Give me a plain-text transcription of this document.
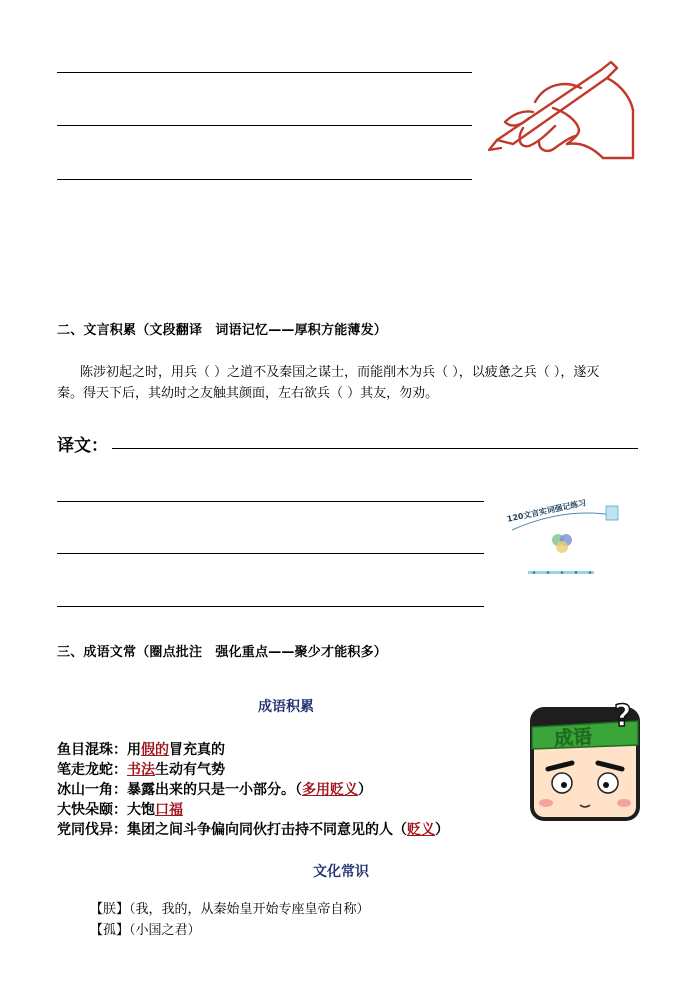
二、文言积累（文段翻译　词语记忆——厚积方能薄发）
陈涉初起之时，用兵（ ）之道不及秦国之谋士，而能削木为兵（ ），以疲惫之兵（ ），遂灭
秦。得天下后，其幼时之友触其颜面，左右欲兵（ ）其友，勿劝。
译文：
120文言实词强记练习
三、成语文常（圈点批注　强化重点——聚少才能积多）
成语积累
成语
?
鱼目混珠：用假的冒充真的
笔走龙蛇：书法生动有气势
冰山一角：暴露出来的只是一小部分。（多用贬义）
大快朵颐：大饱口福
党同伐异：集团之间斗争偏向同伙打击持不同意见的人（贬义）
文化常识
【朕】（我，我的，从秦始皇开始专座皇帝自称）
【孤】（小国之君）
